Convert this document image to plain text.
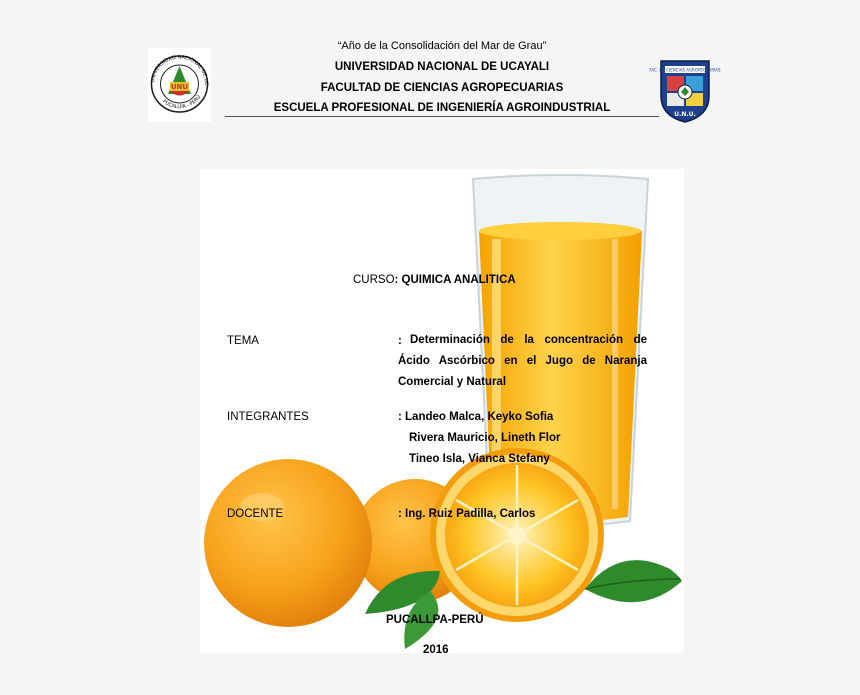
UNU
UNIVERSIDAD NACIONAL DE UC
PUCALLPA - PERÚ
FAC. DE CIENCIAS AGROPECUARIAS
U.N.U.
“Año de la Consolidación del Mar de Grau”
UNIVERSIDAD NACIONAL DE UCAYALI
FACULTAD DE CIENCIAS AGROPECUARIAS
ESCUELA PROFESIONAL DE INGENIERÍA AGROINDUSTRIAL
CURSO: QUIMICA ANALITICA
TEMA	: Determinación de la concentración de Ácido Ascórbico en el Jugo de Naranja Comercial y Natural
INTEGRANTES	: Landeo Malca, Keyko Sofia
Rivera Mauricio, Lineth Flor
Tineo Isla, Vianca Stefany
DOCENTE	: Ing. Ruiz Padilla, Carlos
PUCALLPA-PERÚ
2016
